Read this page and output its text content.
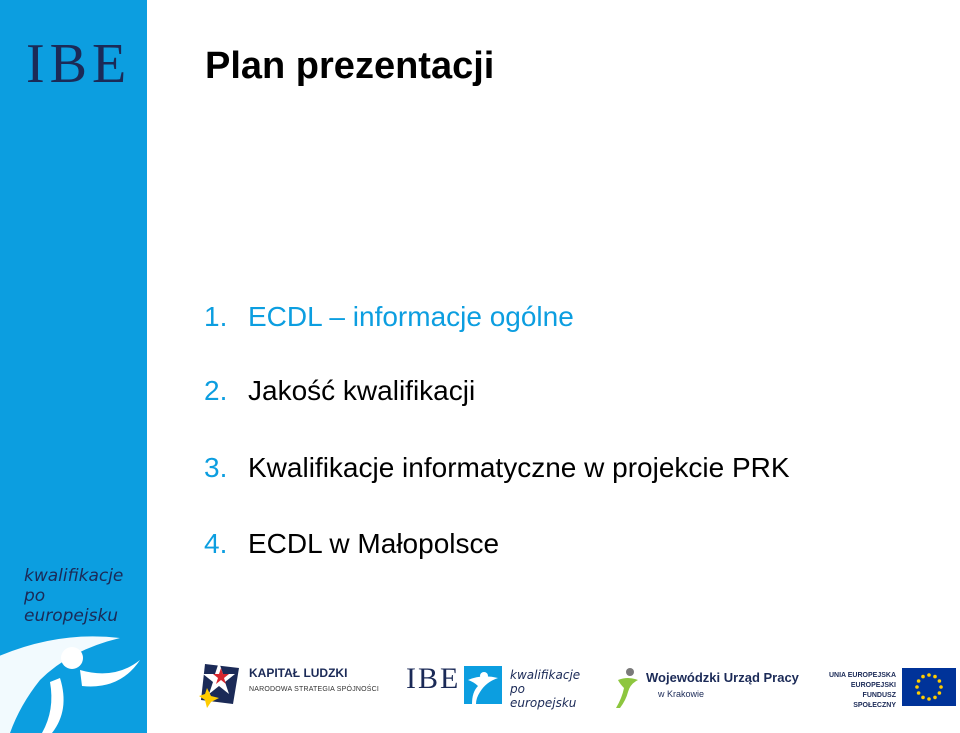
IBE
kwalifikacje po europejsku
Plan prezentacji
1. ECDL – informacje ogólne
2. Jakość kwalifikacji
3. Kwalifikacje informatyczne w projekcie PRK
4. ECDL w Małopolsce
KAPITAŁ LUDZKI
NARODOWA STRATEGIA SPÓJNOŚCI IBE	kwalifikacje po europejsku
Wojewódzki Urząd Pracy
w Krakowie
UNIA EUROPEJSKA
EUROPEJSKI
FUNDUSZ SPOŁECZNY
